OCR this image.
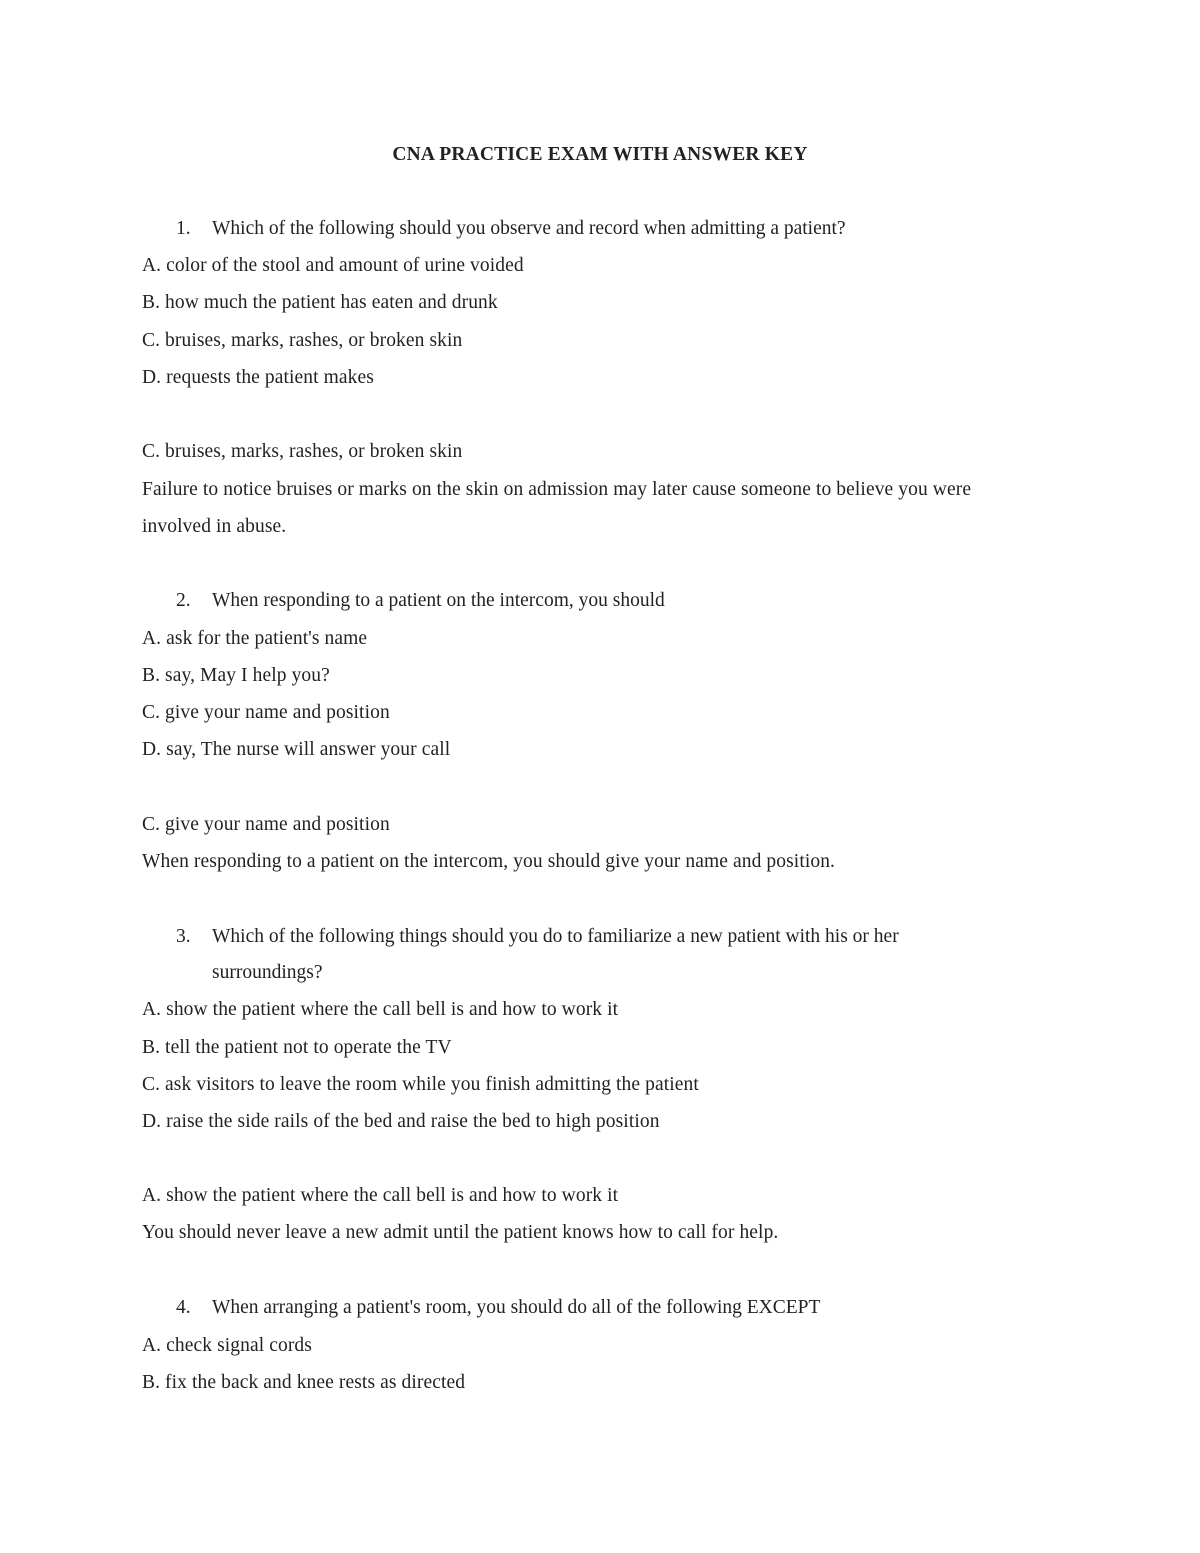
CNA PRACTICE EXAM WITH ANSWER KEY
1. Which of the following should you observe and record when admitting a patient?
A. color of the stool and amount of urine voided
B. how much the patient has eaten and drunk
C. bruises, marks, rashes, or broken skin
D. requests the patient makes
C. bruises, marks, rashes, or broken skin
Failure to notice bruises or marks on the skin on admission may later cause someone to believe you were
involved in abuse.
2. When responding to a patient on the intercom, you should
A. ask for the patient's name
B. say, May I help you?
C. give your name and position
D. say, The nurse will answer your call
C. give your name and position
When responding to a patient on the intercom, you should give your name and position.
3. Which of the following things should you do to familiarize a new patient with his or her
surroundings?
A. show the patient where the call bell is and how to work it
B. tell the patient not to operate the TV
C. ask visitors to leave the room while you finish admitting the patient
D. raise the side rails of the bed and raise the bed to high position
A. show the patient where the call bell is and how to work it
You should never leave a new admit until the patient knows how to call for help.
4. When arranging a patient's room, you should do all of the following EXCEPT
A. check signal cords
B. fix the back and knee rests as directed
